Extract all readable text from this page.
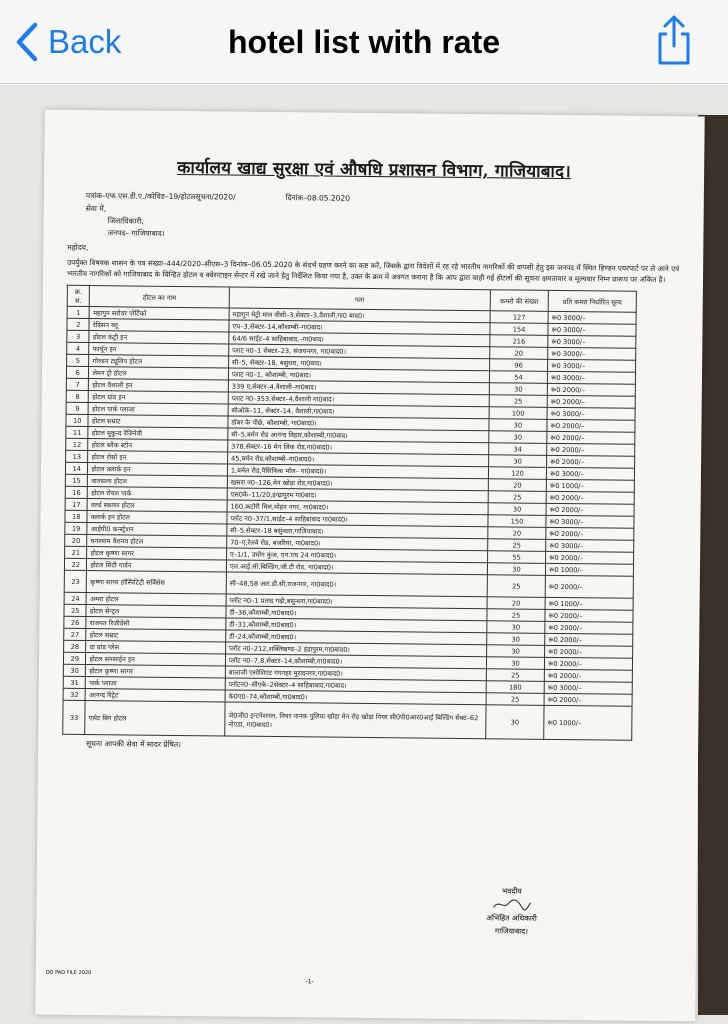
Back	hotel list with rate
कार्यालय खाद्य सुरक्षा एवं औषधि प्रशासन विभाग, गाजियाबाद।
पत्रांक–एफ.एस.डी.ए./कोविड–19/होटलसूचना/2020/	दिनांक–08.05.2020
सेवा में,
जिलाधिकारी,
जनपद– गाजियाबाद।
महोदय,
उपर्युक्त विषयक शासन के पत्र संख्या–444/2020–सीएस–3 दिनांक–06.05.2020 के संदर्भ ग्रहण करने का कष्ट करें, जिसके द्वारा विदेशों में रह रहे भारतीय नागरिकों की वापसी हेतु इस जनपद में स्थित हिण्डन एयरपार्ट पर ले आने एवं भारतीय नागरिकों को गाजियाबाद के चिन्हित होटल व क्वेरन्टाइन सेन्टर में रखे जाने हेतु निर्देशित किया गया है, उक्त के क्रम में अवगत कराना है कि आप द्वारा चाही गई होटलों की सूचना क्षमतावार व मूल्यवार निम्न प्रारूप पर अंकित है।
क्र. सं.	होटल का नाम	पता	कमरो की संख्या	प्रति कमरा निर्धारित मूल्य
1	महागुन सरोवर पोर्टिको	महागुन मेट्रो माल वीसी–3,सेक्टर–3,वैशाली,गा0 बाद0।	127	रू0 3000/–
2	रेडिसन ब्लू	एच–3,सेक्टर–14,कौशाम्बी–गा0बाद।	154	रू0 3000/–
3	होटल कंट्री इन	64/6 साईट–4 साहिबाबाद,–गा0बाद।	216	रू0 3000/–
4	फार्चून इन	प्लाट न0–1 सेक्टर–23, संजयनगर, गा0बाद0।	20	रू0 3000/–
5	गोल्डन ट्यूलिप होटल	सी–5, सेक्टर–18, बसुंधरा, गा0बाद।	96	रू0 3000/–
6	लेमन ट्री होटल	प्लाट न0–1, कौशाम्बी, गा0बाद।	54	रू0 3000/–
7	होटल वैशाली इन	339 ए,सेक्टर–4,वैशाली–गा0बाद।	30	रू0 2000/–
8	होटल ग्रांड इन	प्लाट न0–353,सेक्टर–4,वैशाली गा0बाद।	25	रू0 2000/–
9	होटल पार्क प्लाजा	सीओके–11, सेक्टर–14, वैशाली,गा0बाद।	100	रू0 3000/–
10	होटल सम्राट	डॉबर के पीछे, कौशाम्बी, गा0बाद0।	30	रू0 2000/–
11	होटल मुकुन्द रेजिनेवी	सी–5,बर्मन रोड आनन्द विहार,कौशाम्बी,गा0बाद।	30	रू0 2000/–
12	होटल ब्लैक स्टोन	378,सेक्टर–16 मेन लिंक रोड,गा0बाद0।	34	रू0 2000/–
13	होटल रोसो इन	45,बर्मन रोड,कौशाम्बी–गा0बाद0।	30	रू0 2000/–
14	होटल क्लार्क इन	1,बर्मल रोड,पैसिफिक मॉल– गा0बाद0।	120	रू0 3000/–
15	वातसल्य होटल	खसरा न0–126,मेन खोड़ा रोड,गा0बाद0।	20	रू0 1000/–
16	होटल रोयल पार्क	एस0के–11/20,इन्द्रापुरम गा0बाद।	25	रू0 2000/–
17	वर्ल्ड स्कायर होटल	160,कटोरी मिल,मोहन नगर, गा0बाद0।	30	रू0 2000/–
18	क्लार्क इन होटल	प्लॉट न0–37/1,साईट–4 साहिबाबाद गा0बाद0।	150	रू0 3000/–
19	आईपी0 कन्स्ट्रेशन	सी–5,सेक्टर–18 बसुंन्धरा,गाजियाबाद।	20	रू0 2000/–
20	घनश्याम वैशनव होटल	70–ए,रेलवे रोड, बजरिया, गा0बाद0।	25	रू0 3000/–
21	होटल कृष्णा सागर	ए–1/1, उघोग कुंज, एन.एच 24 गा0बाद0।	55	रू0 2000/–
22	होटल सिटी गार्डन	एल.आई.सी.बिल्डिंग,जी.टी रोड, गा0बाद0।	30	रू0 1000/–
23	कृष्णा सागर हॉस्पिटिटी सर्विसेस	सी–48,58 आर.डी.सी,राजनगर, गा0बाद0।	25	रू0 2000/–
24	अमरा होटल	प्लॉट न0–1 प्रताद गढ़ी,बसुन्धरा,गा0बाद0।	20	रू0 1000/–
25	होटल सेन्ट्रल	डी–36,कौशाम्बी,गा0बाद0।	25	रू0 2000/–
26	राजपत रिजीडेंसी	डी–31,कौशाम्बी,गा0बाद0।	30	रू0 2000/–
27	होटल सम्राट	डी–24,कौशाम्बी,गा0बाद0।	30	रू0 2000/–
28	दा ग्रांड प्लेस	प्लॉट न0–212,शक्तिखण्ड–2 इंद्रापुरम,गा0बाद0।	30	रू0 2000/–
29	होटल सनसाईन इन	प्लॉट न0–7,8,सेक्टर–14,कौशाम्बी,गा0बाद0।	30	रू0 2000/–
30	होटल कृष्णा सागर	बालाजी एसोशिएट गंगनहर मुरादनगर,गा0बाद0।	25	रू0 2000/–
31	पार्क प्लाजा	प्लॉटन0–सीएके–2सेक्टर–4 साहिबाबाद,गा0बाद।	180	रू0 3000/–
32	आनन्द रिट्रेट	के0ए0–74,कौशाम्बी,गा0बाद0।	25	रू0 2000/–
33	एसेट बिग होटल	जे0जी0 इन्टनेशनल, नियर नानक पुलिया खोड़ा मेन रोड़ खोड़ा नियर सी0पी0आर0आई बिल्डिंग सेक्ट–62 नोएडा, गा0बाद0।	30	रू0 1000/–
सूचना आपकी सेवा में सादर प्रेषित।
भवदीय
अभिहित अधिकारी
गाजियाबाद।
DO PAD FILE 2020
-1-
